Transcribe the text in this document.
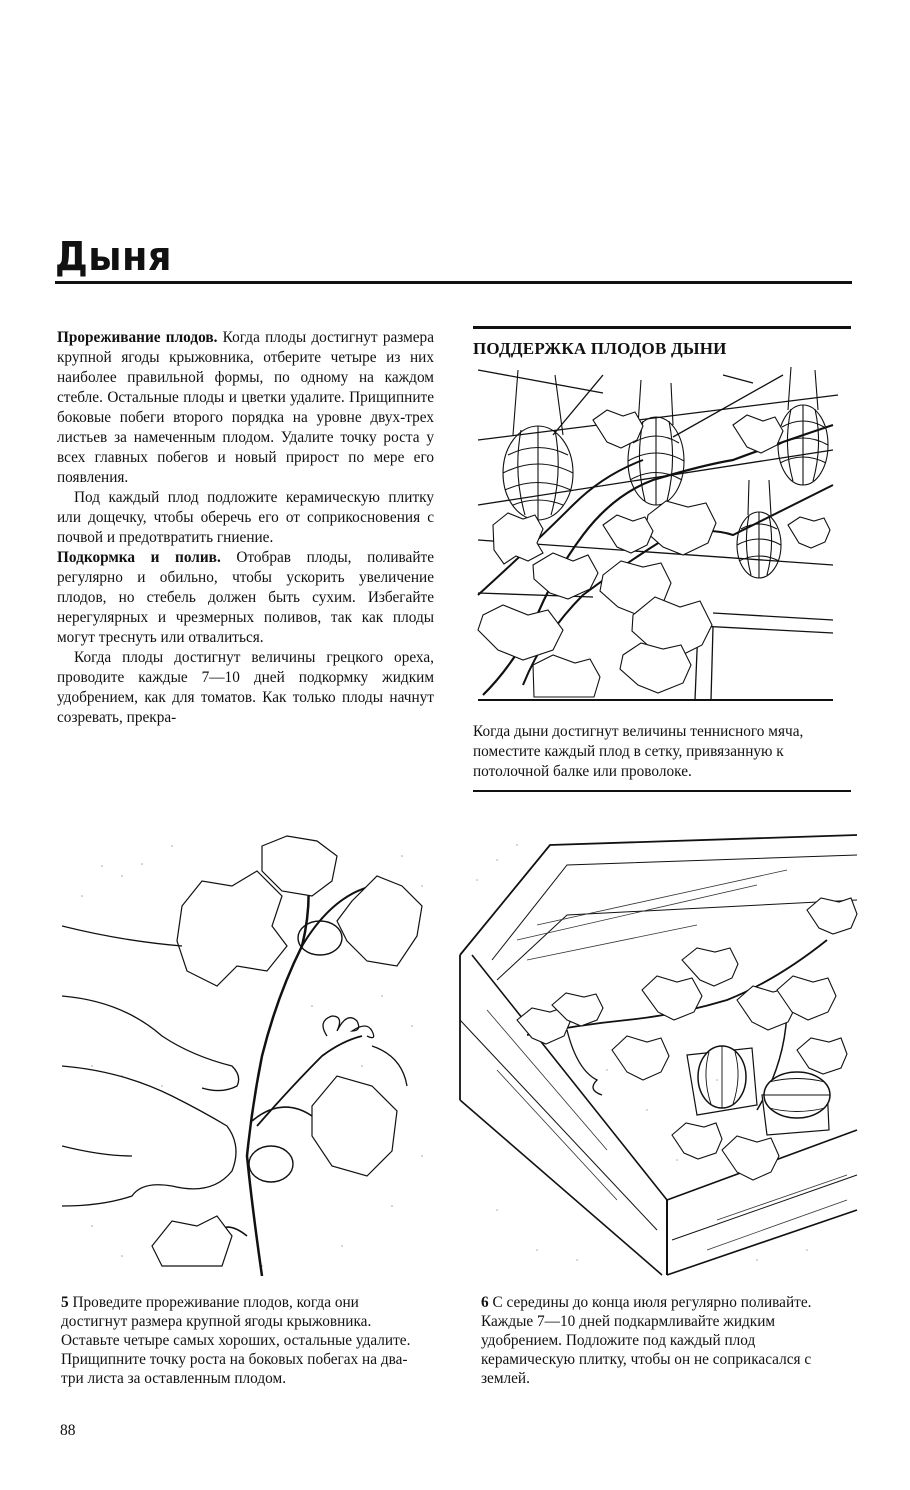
Дыня

Прореживание плодов. Когда плоды достигнут размера крупной ягоды крыжовника, отберите четыре из них наиболее правильной формы, по одному на каждом стебле. Остальные плоды и цветки удалите. Прищипните боковые побеги второго порядка на уровне двух-трех листьев за намеченным плодом. Удалите точку роста у всех главных побегов и новый прирост по мере его появления.

Под каждый плод подложите керамическую плитку или дощечку, чтобы оберечь его от соприкосновения с почвой и предотвратить гниение.

Подкормка и полив. Отобрав плоды, поливайте регулярно и обильно, чтобы ускорить увеличение плодов, но стебель должен быть сухим. Избегайте нерегулярных и чрезмерных поливов, так как плоды могут треснуть или отвалиться.

Когда плоды достигнут величины грецкого ореха, проводите каждые 7—10 дней подкормку жидким удобрением, как для томатов. Как только плоды начнут созревать, прекра-

ПОДДЕРЖКА ПЛОДОВ ДЫНИ
Когда дыни достигнут величины теннисного мяча, поместите каждый плод в сетку, привязанную к потолочной балке или проволоке.
5 Проведите прореживание плодов, когда они достигнут размера крупной ягоды крыжовника. Оставьте четыре самых хороших, остальные удалите. Прищипните точку роста на боковых побегах на два-три листа за оставленным плодом.
6 С середины до конца июля регулярно поливайте. Каждые 7—10 дней подкармливайте жидким удобрением. Подложите под каждый плод керамическую плитку, чтобы он не соприкасался с землей.
88
